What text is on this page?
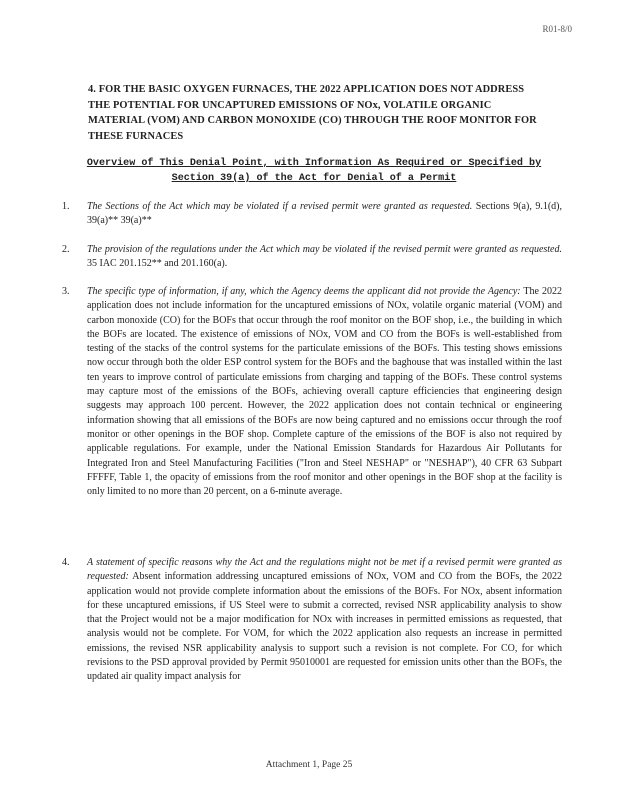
R01-8/0
4. FOR THE BASIC OXYGEN FURNACES, THE 2022 APPLICATION DOES NOT ADDRESS THE POTENTIAL FOR UNCAPTURED EMISSIONS OF NOx, VOLATILE ORGANIC MATERIAL (VOM) AND CARBON MONOXIDE (CO) THROUGH THE ROOF MONITOR FOR THESE FURNACES
Overview of This Denial Point, with Information As Required or Specified by Section 39(a) of the Act for Denial of a Permit
1. The Sections of the Act which may be violated if a revised permit were granted as requested. Sections 9(a), 9.1(d), 39(a)** 39(a)**
2. The provision of the regulations under the Act which may be violated if the revised permit were granted as requested. 35 IAC 201.152** and 201.160(a).
3. The specific type of information, if any, which the Agency deems the applicant did not provide the Agency: The 2022 application does not include information for the uncaptured emissions of NOx, volatile organic material (VOM) and carbon monoxide (CO) for the BOFs that occur through the roof monitor on the BOF shop, i.e., the building in which the BOFs are located. The existence of emissions of NOx, VOM and CO from the BOFs is well-established from testing of the stacks of the control systems for the particulate emissions of the BOFs. This testing shows emissions now occur through both the older ESP control system for the BOFs and the baghouse that was installed within the last ten years to improve control of particulate emissions from charging and tapping of the BOFs. These control systems may capture most of the emissions of the BOFs, achieving overall capture efficiencies that engineering design suggests may approach 100 percent. However, the 2022 application does not contain technical or engineering information showing that all emissions of the BOFs are now being captured and no emissions occur through the roof monitor or other openings in the BOF shop. Complete capture of the emissions of the BOF is also not required by applicable regulations. For example, under the National Emission Standards for Hazardous Air Pollutants for Integrated Iron and Steel Manufacturing Facilities ("Iron and Steel NESHAP" or "NESHAP"), 40 CFR 63 Subpart FFFFF, Table 1, the opacity of emissions from the roof monitor and other openings in the BOF shop at the facility is only limited to no more than 20 percent, on a 6-minute average.
4. A statement of specific reasons why the Act and the regulations might not be met if a revised permit were granted as requested: Absent information addressing uncaptured emissions of NOx, VOM and CO from the BOFs, the 2022 application would not provide complete information about the emissions of the BOFs. For NOx, absent information for these uncaptured emissions, if US Steel were to submit a corrected, revised NSR applicability analysis to show that the Project would not be a major modification for NOx with increases in permitted emissions as requested, that analysis would not be complete. For VOM, for which the 2022 application also requests an increase in permitted emissions, the revised NSR applicability analysis to support such a revision is not complete. For CO, for which revisions to the PSD approval provided by Permit 95010001 are requested for emission units other than the BOFs, the updated air quality impact analysis for
Attachment 1, Page 25
